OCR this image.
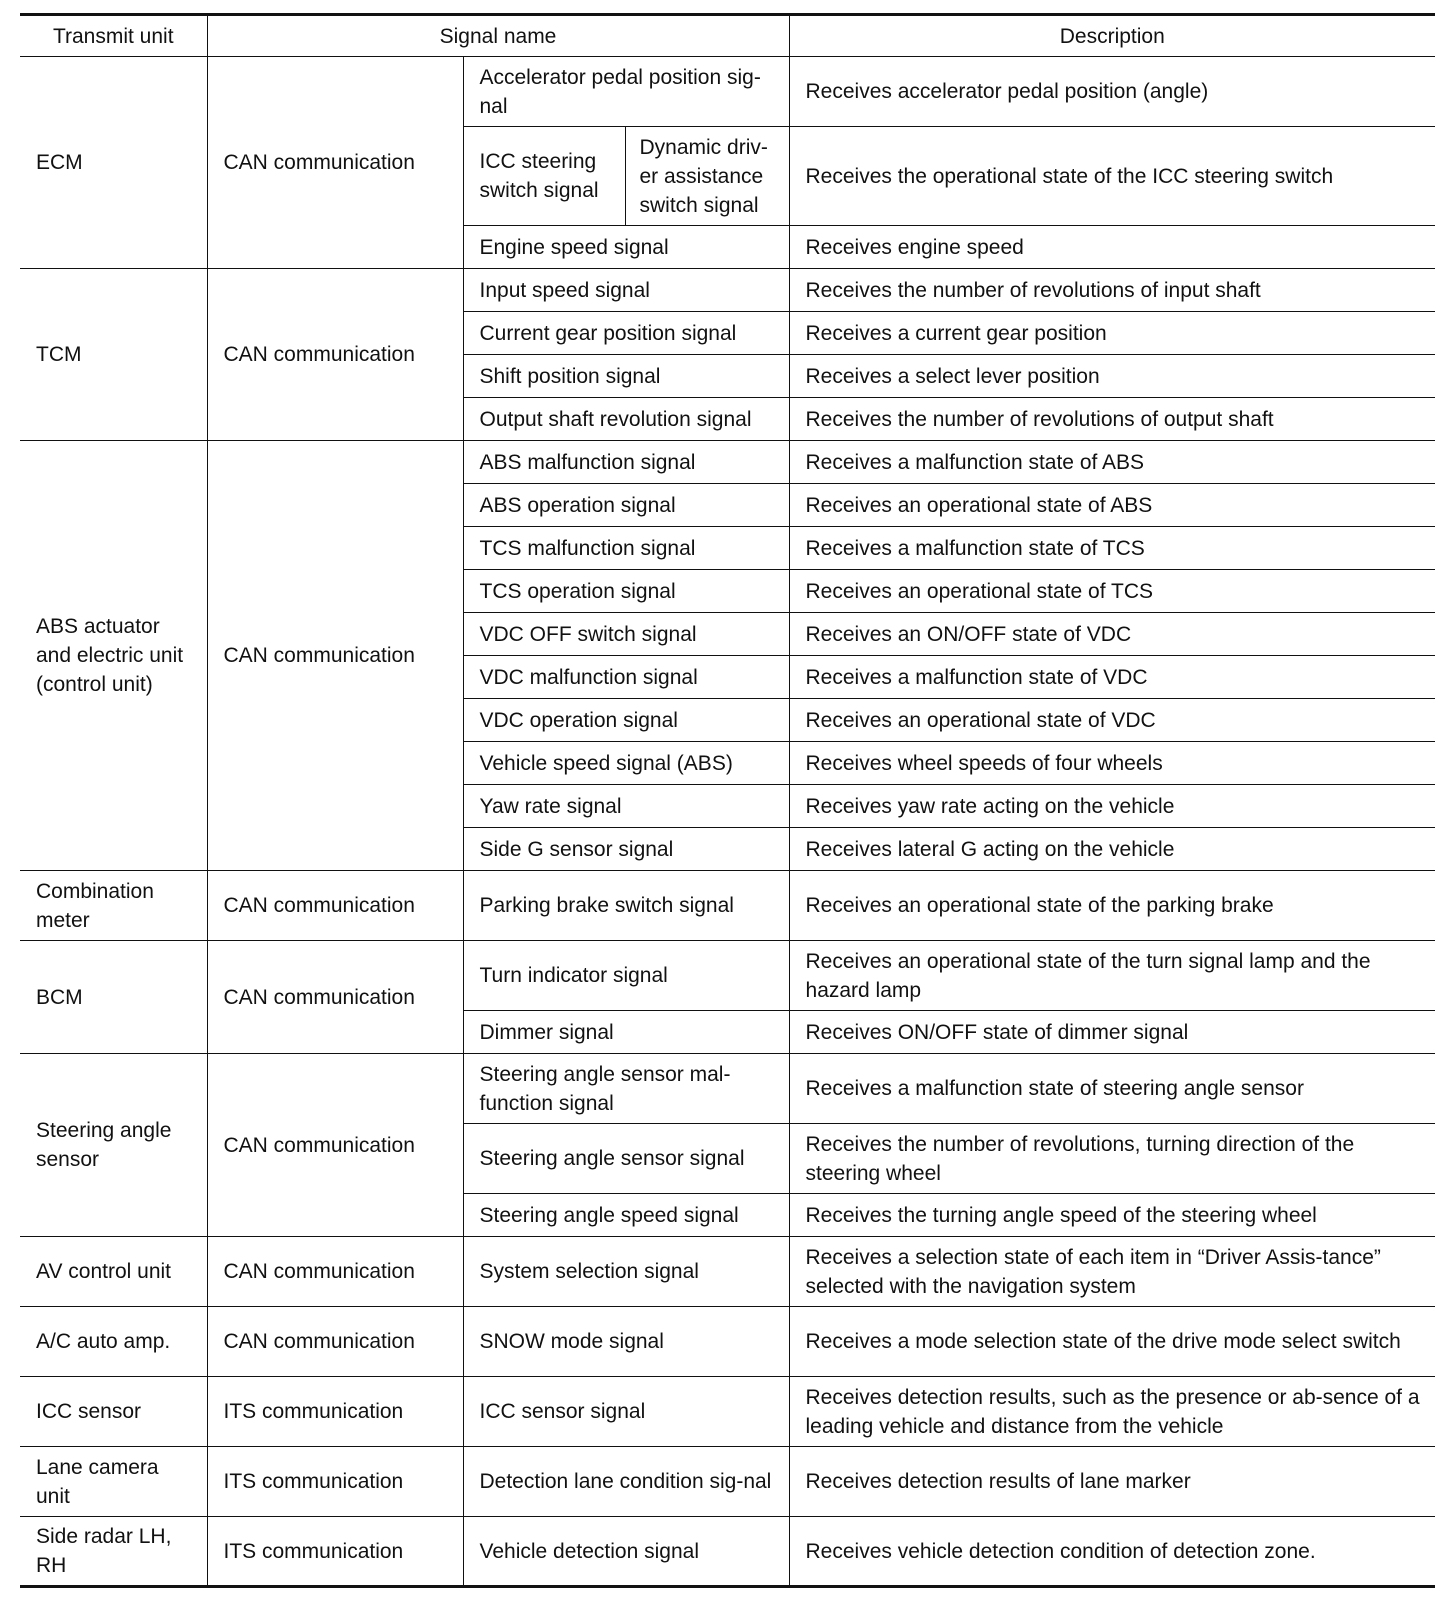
Transmit unit	Signal name			Description
ECM	CAN communication	Accelerator pedal position sig-nal		Receives accelerator pedal position (angle)
		ICC steering switch signal	Dynamic driv-er assistance switch signal	Receives the operational state of the ICC steering switch
		Engine speed signal		Receives engine speed
TCM	CAN communication	Input speed signal		Receives the number of revolutions of input shaft
		Current gear position signal		Receives a current gear position
		Shift position signal		Receives a select lever position
		Output shaft revolution signal		Receives the number of revolutions of output shaft
ABS actuator and electric unit (control unit)	CAN communication	ABS malfunction signal		Receives a malfunction state of ABS
		ABS operation signal		Receives an operational state of ABS
		TCS malfunction signal		Receives a malfunction state of TCS
		TCS operation signal		Receives an operational state of TCS
		VDC OFF switch signal		Receives an ON/OFF state of VDC
		VDC malfunction signal		Receives a malfunction state of VDC
		VDC operation signal		Receives an operational state of VDC
		Vehicle speed signal (ABS)		Receives wheel speeds of four wheels
		Yaw rate signal		Receives yaw rate acting on the vehicle
		Side G sensor signal		Receives lateral G acting on the vehicle
Combination meter	CAN communication	Parking brake switch signal		Receives an operational state of the parking brake
BCM	CAN communication	Turn indicator signal		Receives an operational state of the turn signal lamp and the hazard lamp
		Dimmer signal		Receives ON/OFF state of dimmer signal
Steering angle sensor	CAN communication	Steering angle sensor mal-function signal		Receives a malfunction state of steering angle sensor
		Steering angle sensor signal		Receives the number of revolutions, turning direction of the steering wheel
		Steering angle speed signal		Receives the turning angle speed of the steering wheel
AV control unit	CAN communication	System selection signal		Receives a selection state of each item in “Driver Assis-tance” selected with the navigation system
A/C auto amp.	CAN communication	SNOW mode signal		Receives a mode selection state of the drive mode select switch
ICC sensor	ITS communication	ICC sensor signal		Receives detection results, such as the presence or ab-sence of a leading vehicle and distance from the vehicle
Lane camera unit	ITS communication	Detection lane condition sig-nal		Receives detection results of lane marker
Side radar LH, RH	ITS communication	Vehicle detection signal		Receives vehicle detection condition of detection zone.
